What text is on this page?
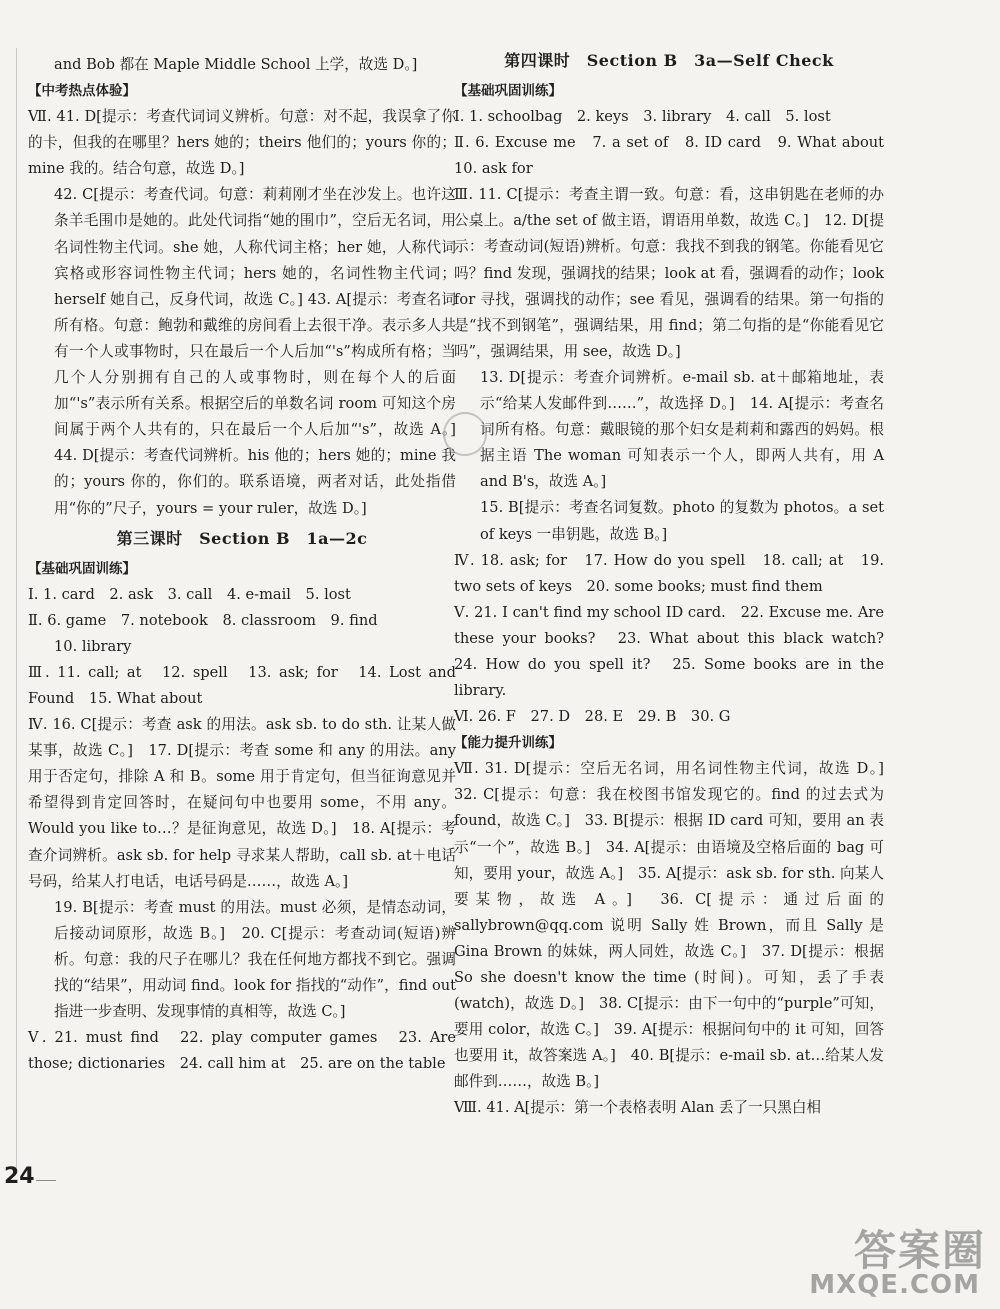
and Bob 都在 Maple Middle School 上学，故选 D。]

【中考热点体验】

Ⅶ. 41. D[提示：考查代词词义辨析。句意：对不起，我误拿了你的卡，但我的在哪里？hers 她的；theirs 他们的；yours 你的；mine 我的。结合句意，故选 D。]

42. C[提示：考查代词。句意：莉莉刚才坐在沙发上。也许这条羊毛围巾是她的。此处代词指“她的围巾”，空后无名词，用名词性物主代词。she 她，人称代词主格；her 她，人称代词宾格或形容词性物主代词；hers 她的，名词性物主代词；herself 她自己，反身代词，故选 C。] 43. A[提示：考查名词所有格。句意：鲍勃和戴维的房间看上去很干净。表示多人共有一个人或事物时，只在最后一个人后加“'s”构成所有格；当几个人分别拥有自己的人或事物时，则在每个人的后面加“'s”表示所有关系。根据空后的单数名词 room 可知这个房间属于两个人共有的，只在最后一个人后加“'s”，故选 A。] 44. D[提示：考查代词辨析。his 他的；hers 她的；mine 我的；yours 你的，你们的。联系语境，两者对话，此处指借用“你的”尺子，yours = your ruler，故选 D。]

第三课时　Section B　1a—2c

【基础巩固训练】

Ⅰ. 1. card　2. ask　3. call　4. e-mail　5. lost

Ⅱ. 6. game　7. notebook　8. classroom　9. find

10. library

Ⅲ. 11. call; at　12. spell　13. ask; for　14. Lost and Found　15. What about

Ⅳ. 16. C[提示：考查 ask 的用法。ask sb. to do sth. 让某人做某事，故选 C。]　17. D[提示：考查 some 和 any 的用法。any 用于否定句，排除 A 和 B。some 用于肯定句，但当征询意见并希望得到肯定回答时，在疑问句中也要用 some，不用 any。Would you like to…？是征询意见，故选 D。]　18. A[提示：考查介词辨析。ask sb. for help 寻求某人帮助，call sb. at＋电话号码，给某人打电话，电话号码是……，故选 A。]

19. B[提示：考查 must 的用法。must 必须，是情态动词，后接动词原形，故选 B。]　20. C[提示：考查动词(短语)辨析。句意：我的尺子在哪儿？我在任何地方都找不到它。强调找的“结果”，用动词 find。look for 指找的“动作”，find out 指进一步查明、发现事情的真相等，故选 C。]

Ⅴ. 21. must find　22. play computer games　23. Are those; dictionaries　24. call him at　25. are on the table

第四课时　Section B　3a—Self Check

【基础巩固训练】

Ⅰ. 1. schoolbag　2. keys　3. library　4. call　5. lost

Ⅱ. 6. Excuse me　7. a set of　8. ID card　9. What about　10. ask for

Ⅲ. 11. C[提示：考查主谓一致。句意：看，这串钥匙在老师的办公桌上。a/the set of 做主语，谓语用单数，故选 C。]　12. D[提示：考查动词(短语)辨析。句意：我找不到我的钢笔。你能看见它吗？find 发现，强调找的结果；look at 看，强调看的动作；look for 寻找，强调找的动作；see 看见，强调看的结果。第一句指的是“找不到钢笔”，强调结果，用 find；第二句指的是“你能看见它吗”，强调结果，用 see，故选 D。]

13. D[提示：考查介词辨析。e-mail sb. at＋邮箱地址，表示“给某人发邮件到……”，故选择 D。]　14. A[提示：考查名词所有格。句意：戴眼镜的那个妇女是莉莉和露西的妈妈。根据主语 The woman 可知表示一个人，即两人共有，用 A and B's，故选 A。]

15. B[提示：考查名词复数。photo 的复数为 photos。a set of keys 一串钥匙，故选 B。]

Ⅳ. 18. ask; for　17. How do you spell　18. call; at　19. two sets of keys　20. some books; must find them

Ⅴ. 21. I can't find my school ID card.　22. Excuse me. Are these your books?　23. What about this black watch?　24. How do you spell it?　25. Some books are in the library.

Ⅵ. 26. F　27. D　28. E　29. B　30. G

【能力提升训练】

Ⅶ. 31. D[提示：空后无名词，用名词性物主代词，故选 D。]　32. C[提示：句意：我在校图书馆发现它的。find 的过去式为 found，故选 C。]　33. B[提示：根据 ID card 可知，要用 an 表示“一个”，故选 B。]　34. A[提示：由语境及空格后面的 bag 可知，要用 your，故选 A。]　35. A[提示：ask sb. for sth. 向某人要某物，故选 A。]　36. C[提示：通过后面的 sallybrown@qq.com 说明 Sally 姓 Brown，而且 Sally 是 Gina Brown 的妹妹，两人同姓，故选 C。]　37. D[提示：根据 So she doesn't know the time (时间)。可知，丢了手表(watch)，故选 D。]　38. C[提示：由下一句中的“purple”可知，要用 color，故选 C。]　39. A[提示：根据问句中的 it 可知，回答也要用 it，故答案选 A。]　40. B[提示：e-mail sb. at…给某人发邮件到……，故选 B。]

Ⅷ. 41. A[提示：第一个表格表明 Alan 丢了一只黑白相

24
答案圈
MXQE.COM
